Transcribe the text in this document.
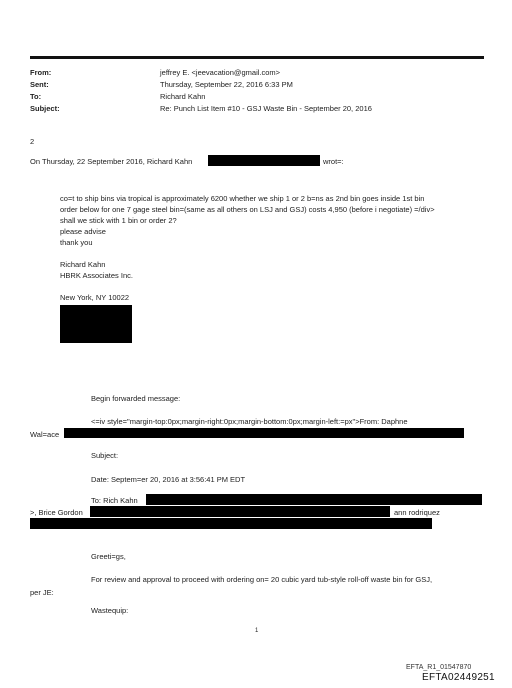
From:
Sent:
To:
Subject:
jeffrey E. <jeevacation@gmail.com>
Thursday, September 22, 2016 6:33 PM
Richard Kahn
Re: Punch List Item #10 - GSJ Waste Bin - September 20, 2016
2
On Thursday, 22 September 2016, Richard Kahn	wrot=:
co=t to ship bins via tropical is approximately 6200 whether we ship 1 or 2 b=ns as 2nd bin goes inside 1st bin
order below for one 7 gage steel bin=(same as all others on LSJ and GSJ) costs 4,950 (before i negotiate) =/div>
shall we stick with 1 bin or order 2?
please advise
thank you
Richard Kahn
HBRK Associates Inc.
New York, NY 10022
Begin forwarded message:
<=iv style="margin-top:0px;margin-right:0px;margin-bottom:0px;margin-left:=px">From: Daphne
Wal=ace
Subject:
Date: Septem=er 20, 2016 at 3:56:41 PM EDT
To: Rich Kahn
>, Brice Gordon	ann rodriquez
Greeti=gs,
For review and approval to proceed with ordering on= 20 cubic yard tub-style roll-off waste bin for GSJ,
per JE:
Wastequip:
1
EFTA_R1_01547870
EFTA02449251
